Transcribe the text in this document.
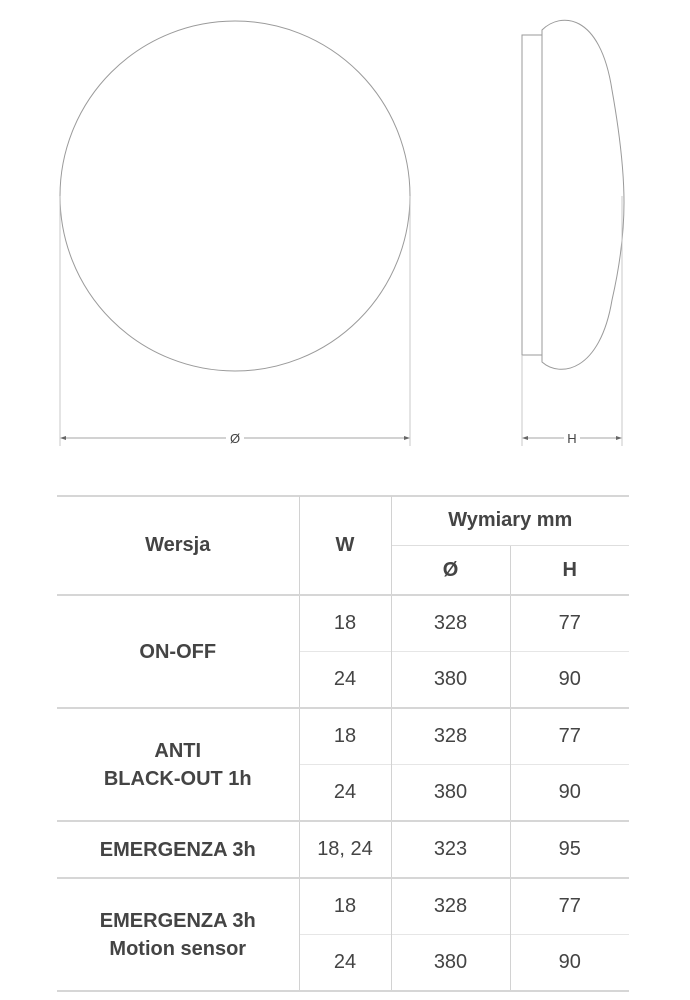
Ø	H
Wersja	W	Wymiary mm	
		Ø	H

ON-OFF	18	328	77
	24	380	90

ANTI
BLACK-OUT 1h	18	328	77
	24	380	90

EMERGENZA 3h	18, 24	323	95

EMERGENZA 3h
Motion sensor	18	328	77
	24	380	90
